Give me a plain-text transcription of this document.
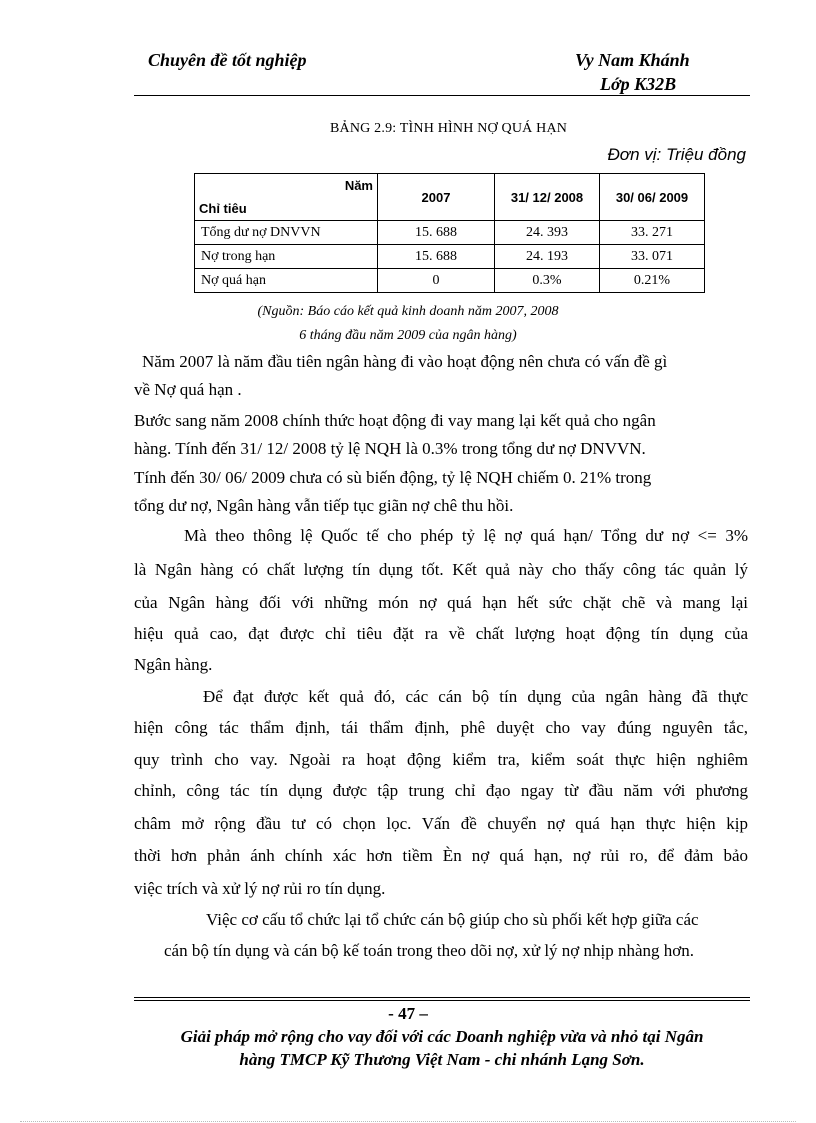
Chuyên đề tốt nghiệp	Vy Nam Khánh
Lớp K32B
BẢNG 2.9: TÌNH HÌNH NỢ QUÁ HẠN
Đơn vị: Triệu đồng
Năm
Chỉ tiêu	2007	31/ 12/ 2008	30/ 06/ 2009
Tổng dư nợ DNVVN	15. 688	24. 393	33. 271
Nợ trong hạn	15. 688	24. 193	33. 071
Nợ quá hạn	0	0.3%	0.21%
(Nguồn: Báo cáo kết quả kinh doanh năm 2007, 2008
6 tháng đầu năm 2009 của ngân hàng)
Năm 2007 là năm đầu tiên ngân hàng đi vào hoạt động nên chưa có vấn đề gì
về Nợ quá hạn .
Bước sang năm 2008 chính thức hoạt động đi vay mang lại kết quả cho ngân
hàng. Tính đến 31/ 12/ 2008 tỷ lệ NQH là 0.3% trong tổng dư nợ DNVVN.
Tính đến 30/ 06/ 2009 chưa có sù biến động, tỷ lệ NQH chiếm 0. 21% trong
tổng dư nợ, Ngân hàng vẫn tiếp tục giãn nợ chê thu hồi.
Mà theo thông lệ Quốc tế cho phép tỷ lệ nợ quá hạn/ Tổng dư nợ <= 3%
là Ngân hàng có chất lượng tín dụng tốt. Kết quả này cho thấy công tác quản lý
của Ngân hàng đối với những món nợ quá hạn hết sức chặt chẽ và mang lại
hiệu quả cao, đạt được chỉ tiêu đặt ra về chất lượng hoạt động tín dụng của
Ngân hàng.
Để đạt được kết quả đó, các cán bộ tín dụng của ngân hàng đã thực
hiện công tác thẩm định, tái thẩm định, phê duyệt cho vay đúng nguyên tắc,
quy trình cho vay. Ngoài ra hoạt động kiểm tra, kiểm soát thực hiện nghiêm
chỉnh, công tác tín dụng được tập trung chỉ đạo ngay từ đầu năm với phương
châm mở rộng đầu tư có chọn lọc. Vấn đề chuyển nợ quá hạn thực hiện kịp
thời hơn phản ánh chính xác hơn tiềm Èn nợ quá hạn, nợ rủi ro, để đảm bảo
việc trích và xử lý nợ rủi ro tín dụng.
Việc cơ cấu tổ chức lại tổ chức cán bộ giúp cho sù phối kết hợp giữa các
cán bộ tín dụng và cán bộ kế toán trong theo dõi nợ, xử lý nợ nhịp nhàng hơn.
- 47 –
Giải pháp mở rộng cho vay đối với các Doanh nghiệp vừa và nhỏ tại Ngân
hàng TMCP Kỹ Thương Việt Nam - chi nhánh Lạng Sơn.
